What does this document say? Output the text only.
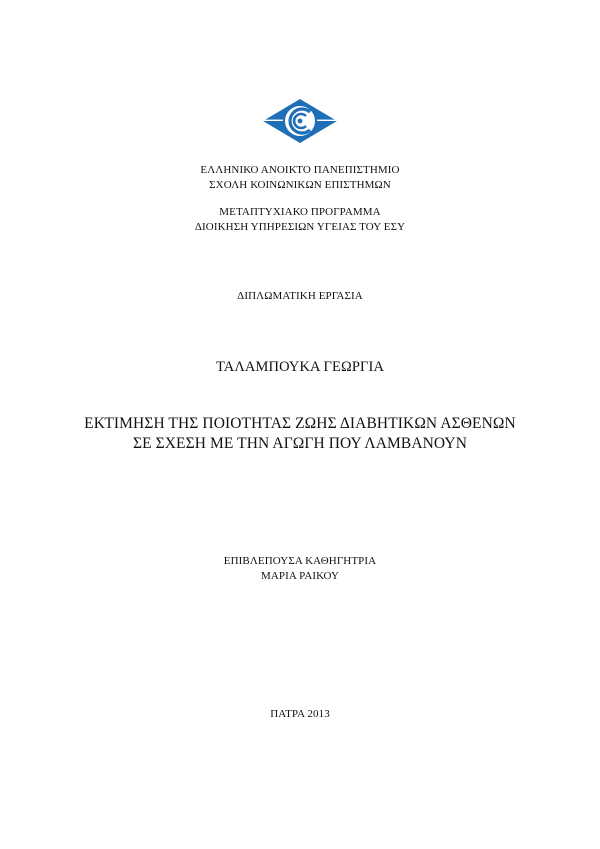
ΕΛΛΗΝΙΚΟ ΑΝΟΙΚΤΟ ΠΑΝΕΠΙΣΤΗΜΙΟ
ΣΧΟΛΗ ΚΟΙΝΩΝΙΚΩΝ ΕΠΙΣΤΗΜΩΝ
ΜΕΤΑΠΤΥΧΙΑΚΟ ΠΡΟΓΡΑΜΜΑ
ΔΙΟΙΚΗΣΗ ΥΠΗΡΕΣΙΩΝ ΥΓΕΙΑΣ ΤΟΥ ΕΣΥ
ΔΙΠΛΩΜΑΤΙΚΗ ΕΡΓΑΣΙΑ
ΤΑΛΑΜΠΟΥΚΑ ΓΕΩΡΓΙΑ
ΕΚΤΙΜΗΣΗ ΤΗΣ ΠΟΙΟΤΗΤΑΣ ΖΩΗΣ ΔΙΑΒΗΤΙΚΩΝ ΑΣΘΕΝΩΝ
ΣΕ ΣΧΕΣΗ ΜΕ ΤΗΝ ΑΓΩΓΗ ΠΟΥ ΛΑΜΒΑΝΟΥΝ
ΕΠΙΒΛΕΠΟΥΣΑ ΚΑΘΗΓΗΤΡΙΑ
ΜΑΡΙΑ ΡΑΙΚΟΥ
ΠΑΤΡΑ 2013
